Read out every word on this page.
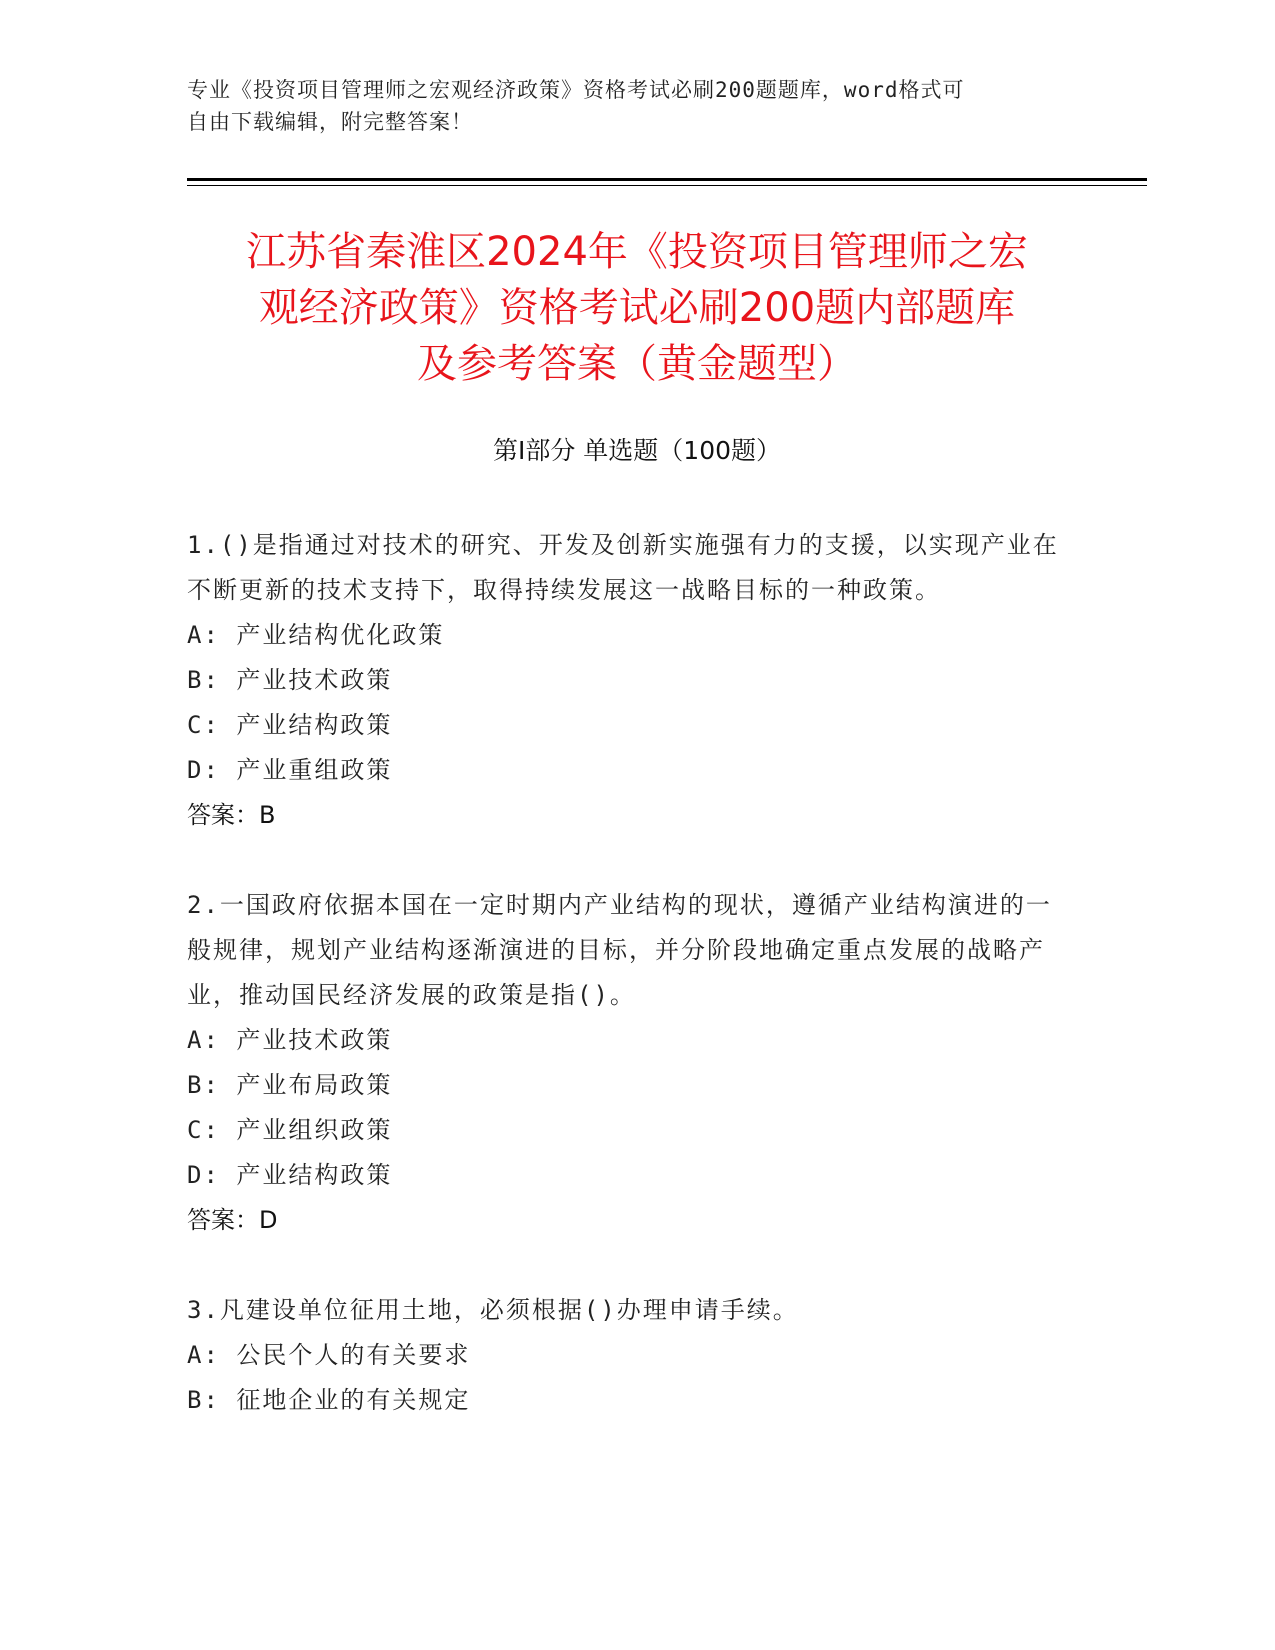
专业《投资项目管理师之宏观经济政策》资格考试必刷200题题库，word格式可
自由下载编辑，附完整答案！
江苏省秦淮区2024年《投资项目管理师之宏
观经济政策》资格考试必刷200题内部题库
及参考答案（黄金题型）
第Ⅰ部分 单选题（100题）

1.()是指通过对技术的研究、开发及创新实施强有力的支援，以实现产业在不断更新的技术支持下，取得持续发展这一战略目标的一种政策。

A: 产业结构优化政策

B: 产业技术政策

C: 产业结构政策

D: 产业重组政策

答案：B

2.一国政府依据本国在一定时期内产业结构的现状，遵循产业结构演进的一般规律，规划产业结构逐渐演进的目标，并分阶段地确定重点发展的战略产业，推动国民经济发展的政策是指()。

A: 产业技术政策

B: 产业布局政策

C: 产业组织政策

D: 产业结构政策

答案：D

3.凡建设单位征用土地，必须根据()办理申请手续。

A: 公民个人的有关要求

B: 征地企业的有关规定
